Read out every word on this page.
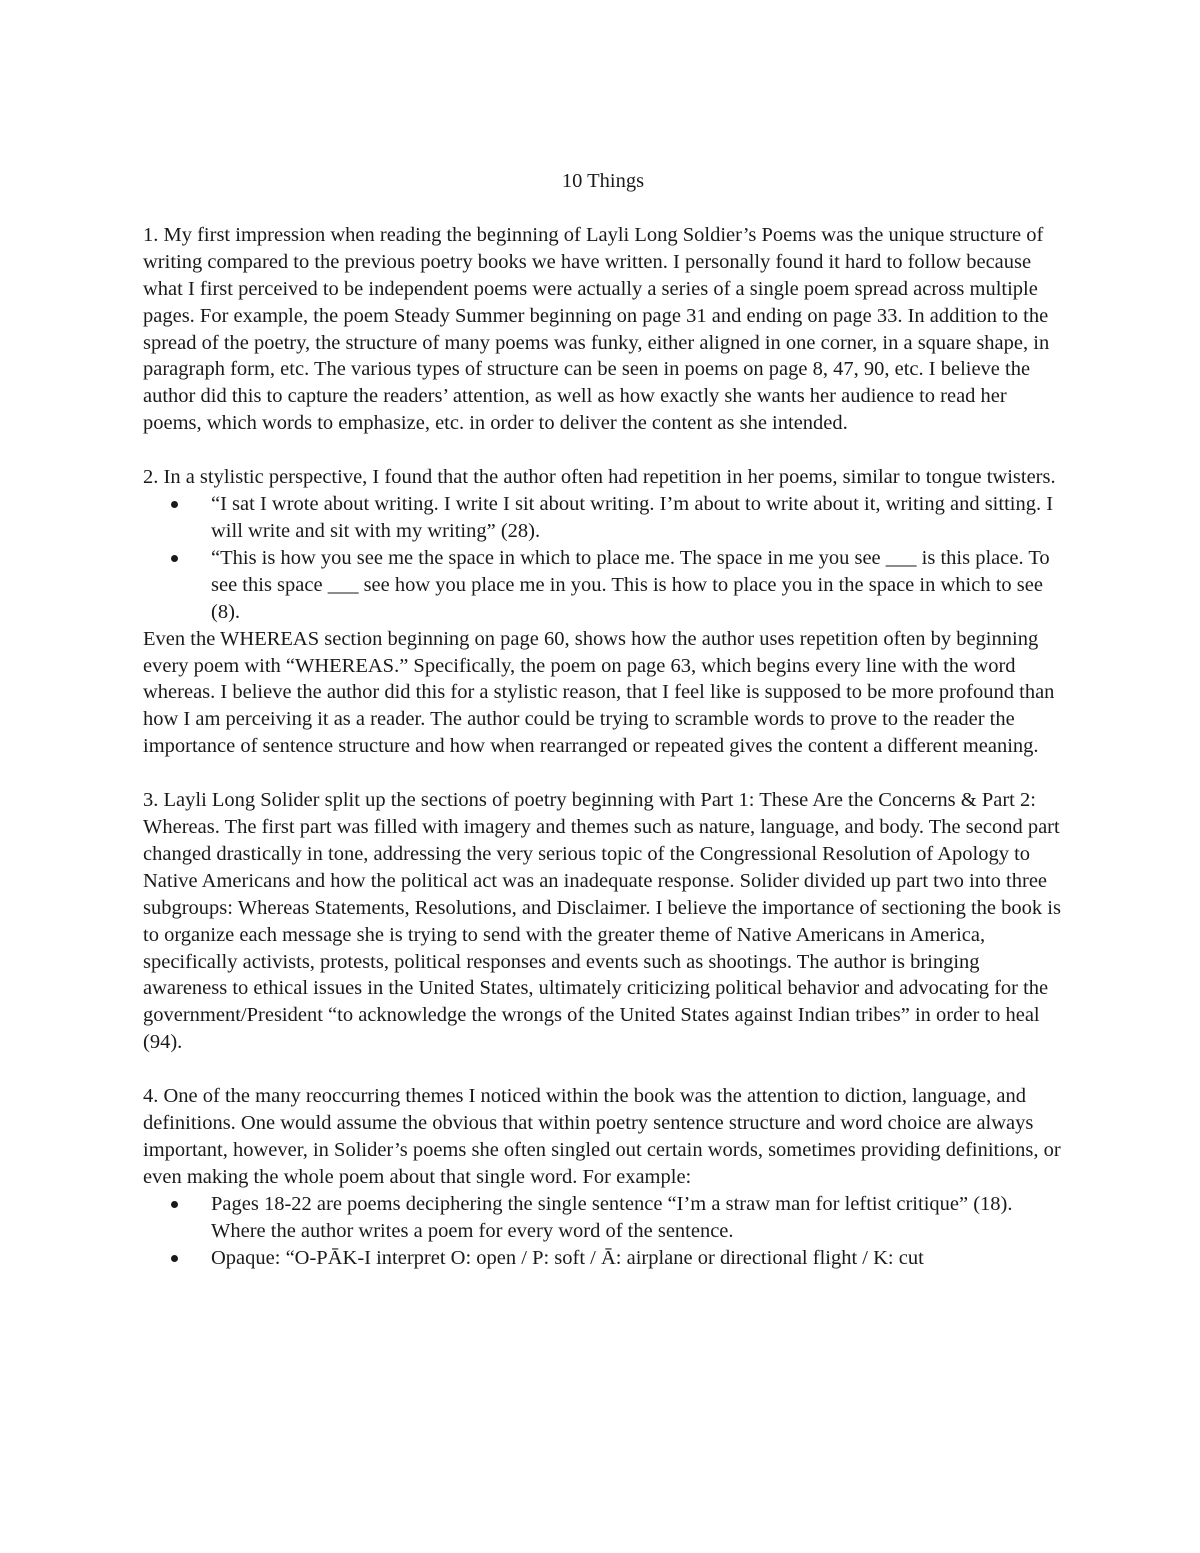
10 Things

1. My first impression when reading the beginning of Layli Long Soldier’s Poems was the unique structure of writing compared to the previous poetry books we have written. I personally found it hard to follow because what I first perceived to be independent poems were actually a series of a single poem spread across multiple pages. For example, the poem Steady Summer beginning on page 31 and ending on page 33. In addition to the spread of the poetry, the structure of many poems was funky, either aligned in one corner, in a square shape, in paragraph form, etc. The various types of structure can be seen in poems on page 8, 47, 90, etc. I believe the author did this to capture the readers’ attention, as well as how exactly she wants her audience to read her poems, which words to emphasize, etc. in order to deliver the content as she intended.

2. In a stylistic perspective, I found that the author often had repetition in her poems, similar to tongue twisters.

“I sat I wrote about writing. I write I sit about writing. I’m about to write about it, writing and sitting. I will write and sit with my writing” (28).
“This is how you see me the space in which to place me. The space in me you see ___ is this place. To see this space ___ see how you place me in you. This is how to place you in the space in which to see (8).

Even the WHEREAS section beginning on page 60, shows how the author uses repetition often by beginning every poem with “WHEREAS.” Specifically, the poem on page 63, which begins every line with the word whereas. I believe the author did this for a stylistic reason, that I feel like is supposed to be more profound than how I am perceiving it as a reader. The author could be trying to scramble words to prove to the reader the importance of sentence structure and how when rearranged or repeated gives the content a different meaning.

3. Layli Long Solider split up the sections of poetry beginning with Part 1: These Are the Concerns & Part 2: Whereas. The first part was filled with imagery and themes such as nature, language, and body. The second part changed drastically in tone, addressing the very serious topic of the Congressional Resolution of Apology to Native Americans and how the political act was an inadequate response. Solider divided up part two into three subgroups: Whereas Statements, Resolutions, and Disclaimer. I believe the importance of sectioning the book is to organize each message she is trying to send with the greater theme of Native Americans in America, specifically activists, protests, political responses and events such as shootings. The author is bringing awareness to ethical issues in the United States, ultimately criticizing political behavior and advocating for the government/President “to acknowledge the wrongs of the United States against Indian tribes” in order to heal (94).

4. One of the many reoccurring themes I noticed within the book was the attention to diction, language, and definitions. One would assume the obvious that within poetry sentence structure and word choice are always important, however, in Solider’s poems she often singled out certain words, sometimes providing definitions, or even making the whole poem about that single word. For example:

Pages 18-22 are poems deciphering the single sentence “I’m a straw man for leftist critique” (18). Where the author writes a poem for every word of the sentence.
Opaque: “O-PĀK-I interpret O: open / P: soft / Ā: airplane or directional flight / K: cut
